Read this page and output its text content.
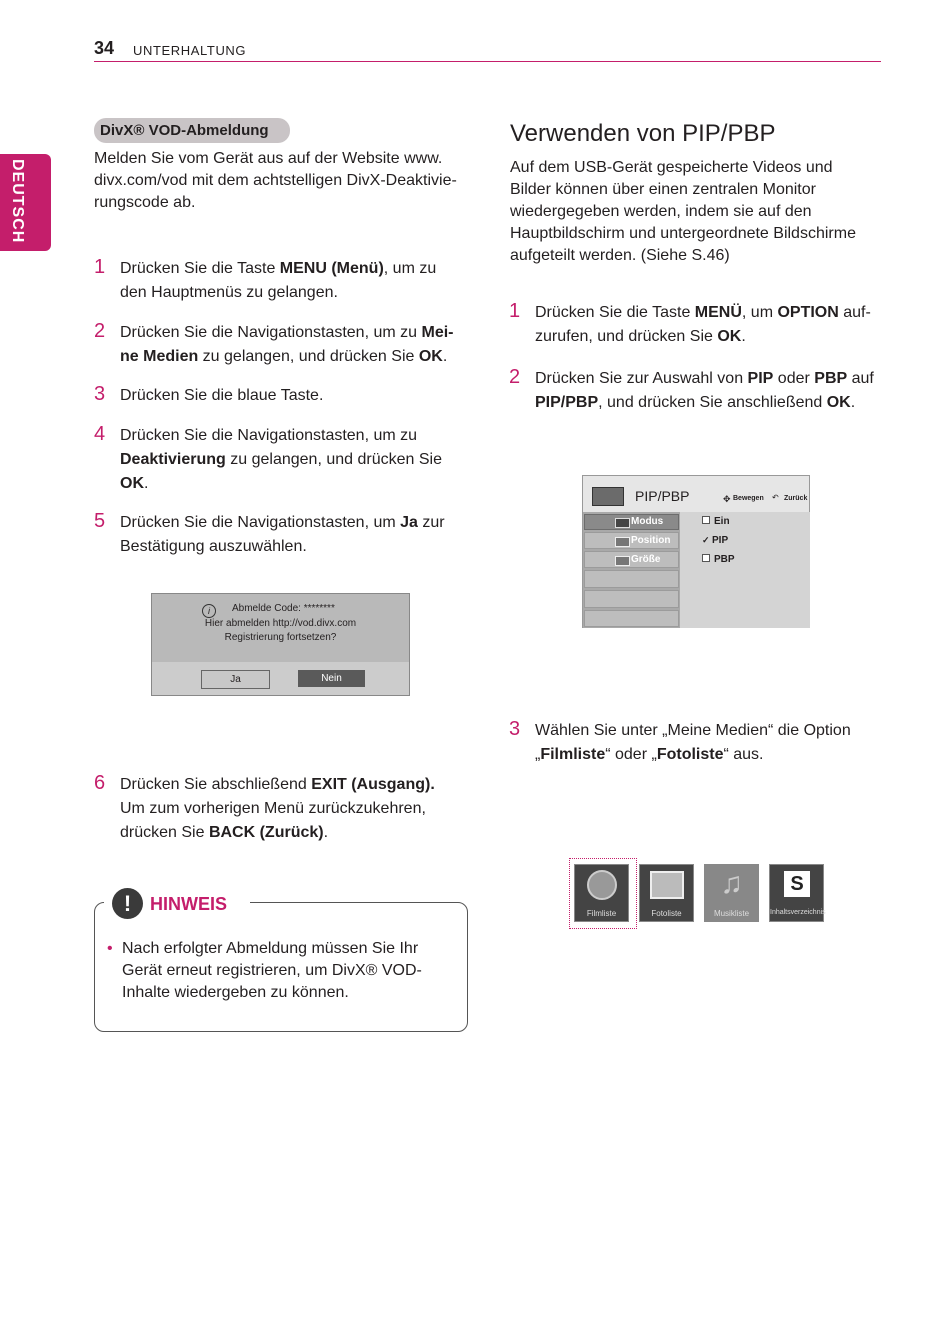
34 UNTERHALTUNG
DEUTSCH
DivX® VOD-Abmeldung
Melden Sie vom Gerät aus auf der Website www.
divx.com/vod mit dem achtstelligen DivX-Deaktivie-
rungscode ab.
1 Drücken Sie die Taste MENU (Menü), um zu
den Hauptmenüs zu gelangen.
2 Drücken Sie die Navigationstasten, um zu Mei-
ne Medien zu gelangen, und drücken Sie OK.
3 Drücken Sie die blaue Taste.
4 Drücken Sie die Navigationstasten, um zu
Deaktivierung zu gelangen, und drücken Sie
OK.
5 Drücken Sie die Navigationstasten, um Ja zur
Bestätigung auszuwählen.
i	Abmelde Code: ********
Hier abmelden http://vod.divx.com
Registrierung fortsetzen?
Ja	Nein
6 Drücken Sie abschließend EXIT (Ausgang).
Um zum vorherigen Menü zurückzukehren,
drücken Sie BACK (Zurück).
!	HINWEIS
• Nach erfolgter Abmeldung müssen Sie Ihr
Gerät erneut registrieren, um DivX® VOD-
Inhalte wiedergeben zu können.
Verwenden von PIP/PBP
Auf dem USB-Gerät gespeicherte Videos und
Bilder können über einen zentralen Monitor
wiedergegeben werden, indem sie auf den
Hauptbildschirm und untergeordnete Bildschirme
aufgeteilt werden. (Siehe S.46)
1 Drücken Sie die Taste MENÜ, um OPTION auf-
zurufen, und drücken Sie OK.
2 Drücken Sie zur Auswahl von PIP oder PBP auf
PIP/PBP, und drücken Sie anschließend OK.
PIP/PBP	✥ Bewegen ↶ Zurück
Modus
Position
Größe
Ein
✓ PIP
PBP
3 Wählen Sie unter „Meine Medien“ die Option
„Filmliste“ oder „Fotoliste“ aus.
Filmliste	Fotoliste
♫
Musikliste
S
Inhaltsverzeichnis
